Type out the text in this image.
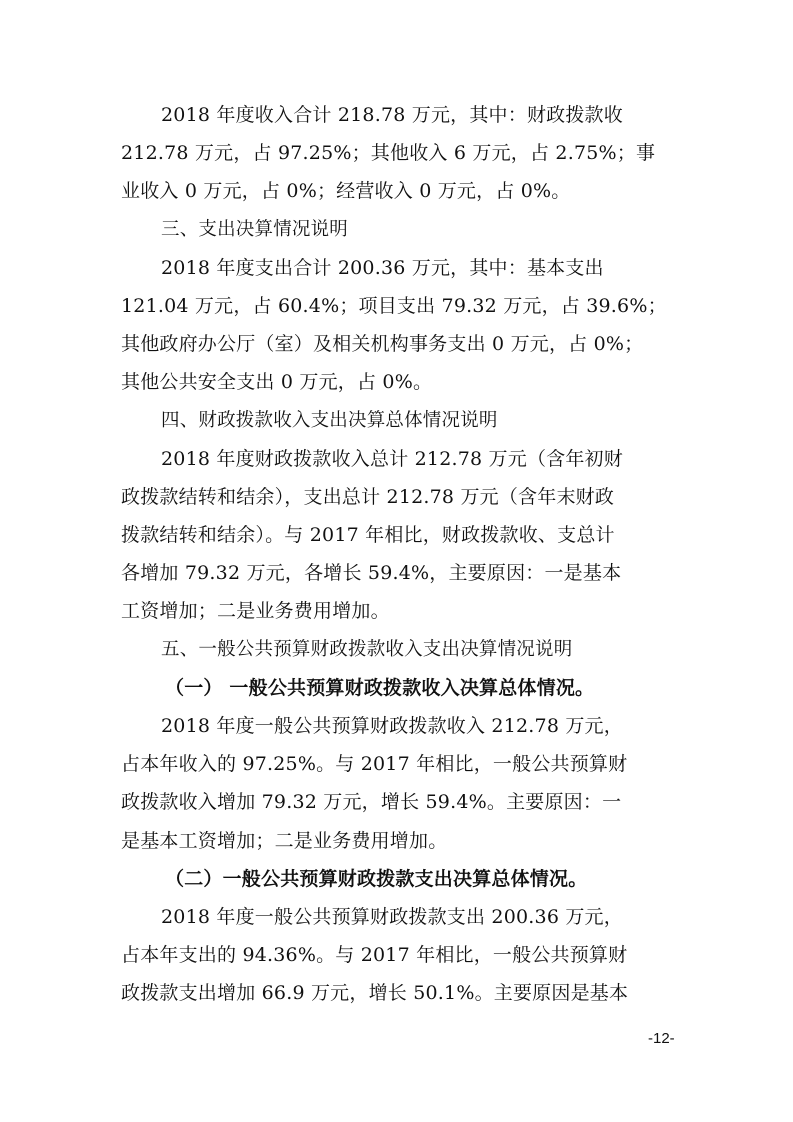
2018 年度收入合计 218.78 万元，其中：财政拨款收
212.78 万元，占 97.25%；其他收入 6 万元，占 2.75%；事
业收入 0 万元，占 0%；经营收入 0 万元，占 0%。
三、支出决算情况说明
2018 年度支出合计 200.36 万元，其中：基本支出
121.04 万元，占 60.4%；项目支出 79.32 万元，占 39.6%；
其他政府办公厅（室）及相关机构事务支出 0 万元，占 0%；
其他公共安全支出 0 万元，占 0%。
四、财政拨款收入支出决算总体情况说明
2018 年度财政拨款收入总计 212.78 万元（含年初财
政拨款结转和结余），支出总计 212.78 万元（含年末财政
拨款结转和结余）。与 2017 年相比，财政拨款收、支总计
各增加 79.32 万元，各增长 59.4%，主要原因：一是基本
工资增加；二是业务费用增加。
五、一般公共预算财政拨款收入支出决算情况说明
（一） 一般公共预算财政拨款收入决算总体情况。
2018 年度一般公共预算财政拨款收入 212.78 万元，
占本年收入的 97.25%。与 2017 年相比，一般公共预算财
政拨款收入增加 79.32 万元，增长 59.4%。主要原因：一
是基本工资增加；二是业务费用增加。
（二）一般公共预算财政拨款支出决算总体情况。
2018 年度一般公共预算财政拨款支出 200.36 万元，
占本年支出的 94.36%。与 2017 年相比，一般公共预算财
政拨款支出增加 66.9 万元，增长 50.1%。主要原因是基本
-12-
